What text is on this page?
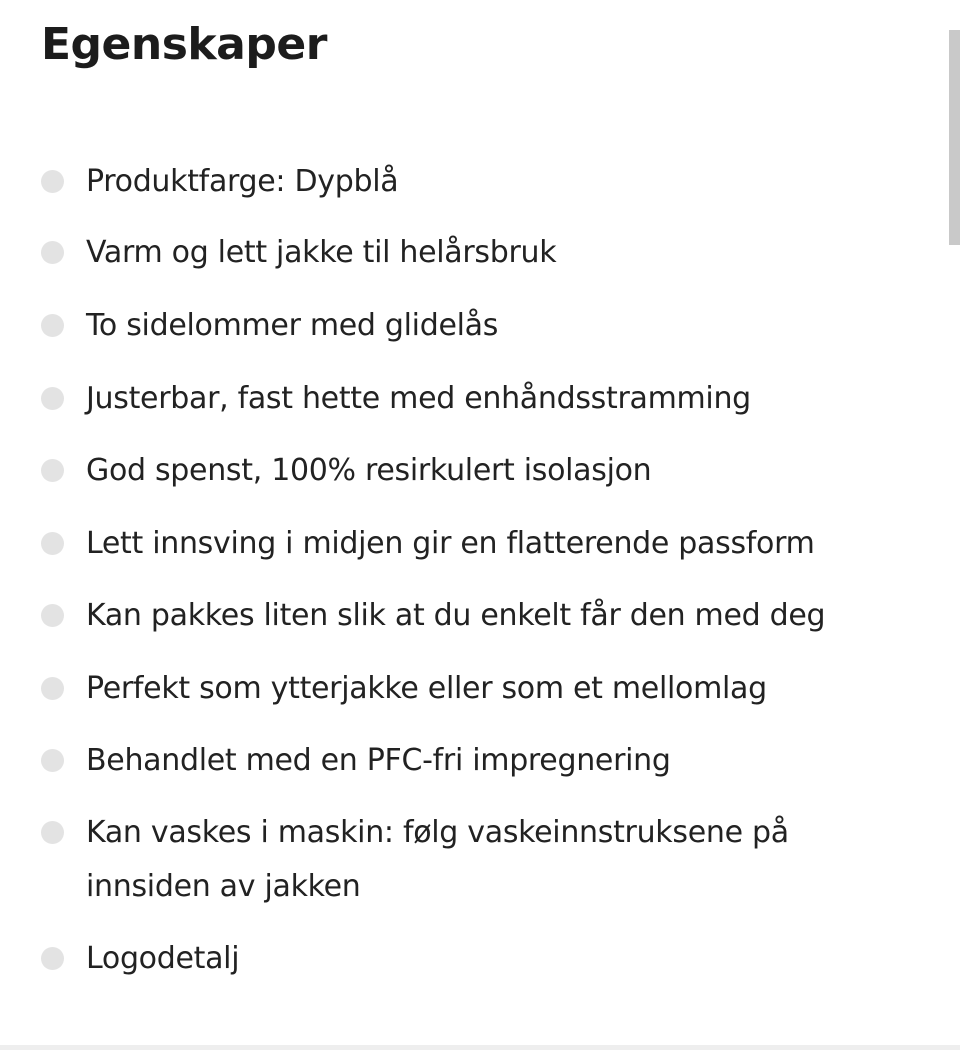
Egenskaper
Produktfarge: Dypblå
Varm og lett jakke til helårsbruk
To sidelommer med glidelås
Justerbar, fast hette med enhåndsstramming
God spenst, 100% resirkulert isolasjon
Lett innsving i midjen gir en flatterende passform
Kan pakkes liten slik at du enkelt får den med deg
Perfekt som ytterjakke eller som et mellomlag
Behandlet med en PFC-fri impregnering
Kan vaskes i maskin: følg vaskeinnstruksene på innsiden av jakken
Logodetalj
